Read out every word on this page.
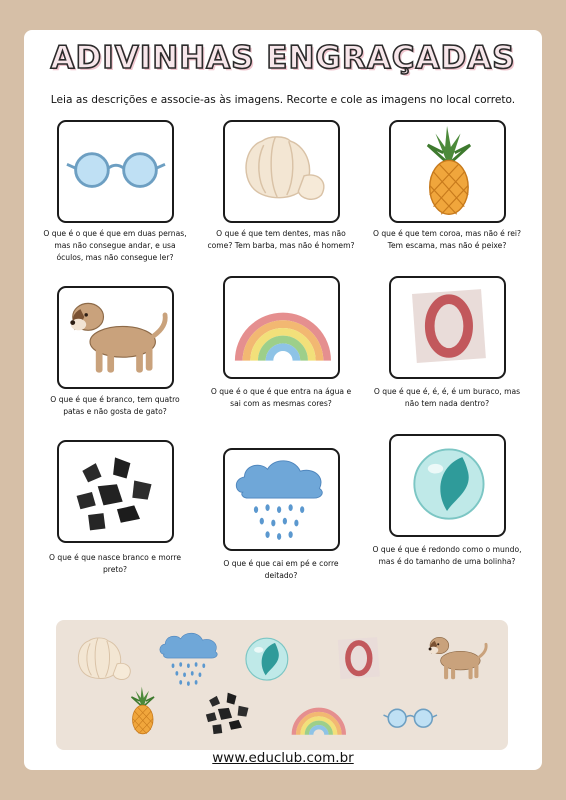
ADIVINHAS ENGRAÇADAS
Leia as descrições e associe-as às imagens. Recorte e cole as imagens no local correto.
O que é o que é que em duas pernas, mas não consegue andar, e usa óculos, mas não consegue ler?
O que é que tem dentes, mas não come? Tem barba, mas não é homem?
O que é que tem coroa, mas não é rei? Tem escama, mas não é peixe?
O que é que é branco, tem quatro patas e não gosta de gato?
O que é o que é que entra na água e sai com as mesmas cores?
O que é que é, é, é, é um buraco, mas não tem nada dentro?
O que é que nasce branco e morre preto?
O que é que cai em pé e corre deitado?
O que é que é redondo como o mundo, mas é do tamanho de uma bolinha?
www.educlub.com.br
